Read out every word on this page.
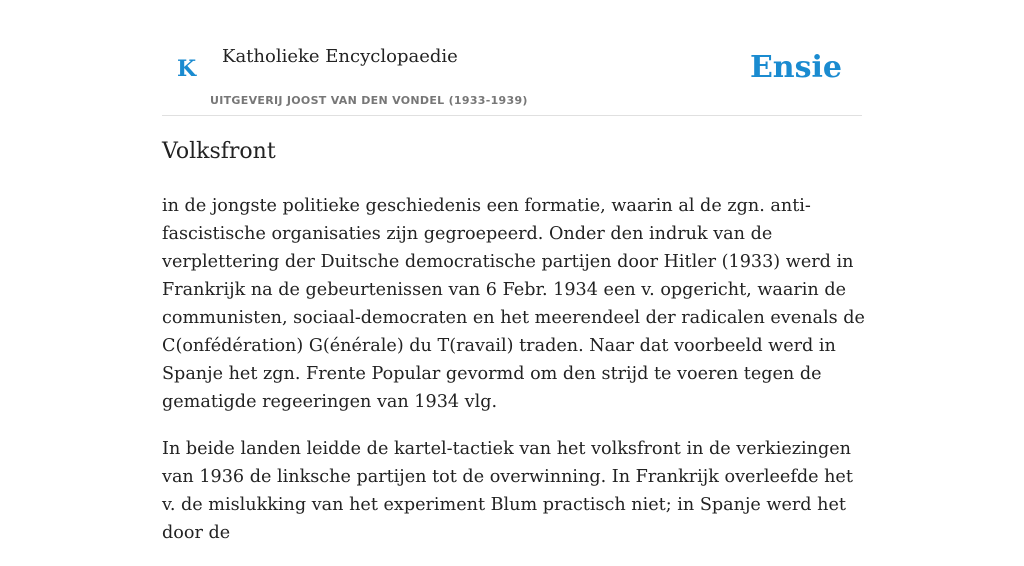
K Katholieke Encyclopaedie
UITGEVERIJ JOOST VAN DEN VONDEL (1933-1939)
Ensie
Volksfront

in de jongste politieke geschiedenis een formatie, waarin al de zgn. anti-fascistische organisaties zijn gegroepeerd. Onder den indruk van de verplettering der Duitsche democratische partijen door Hitler (1933) werd in Frankrijk na de gebeurtenissen van 6 Febr. 1934 een v. opgericht, waarin de communisten, sociaal-democraten en het meerendeel der radicalen evenals de C(onfédération) G(énérale) du T(ravail) traden. Naar dat voorbeeld werd in Spanje het zgn. Frente Popular gevormd om den strijd te voeren tegen de gematigde regeeringen van 1934 vlg.

In beide landen leidde de kartel-tactiek van het volksfront in de verkiezingen van 1936 de linksche partijen tot de overwinning. In Frankrijk overleefde het v. de mislukking van het experiment Blum practisch niet; in Spanje werd het door de
